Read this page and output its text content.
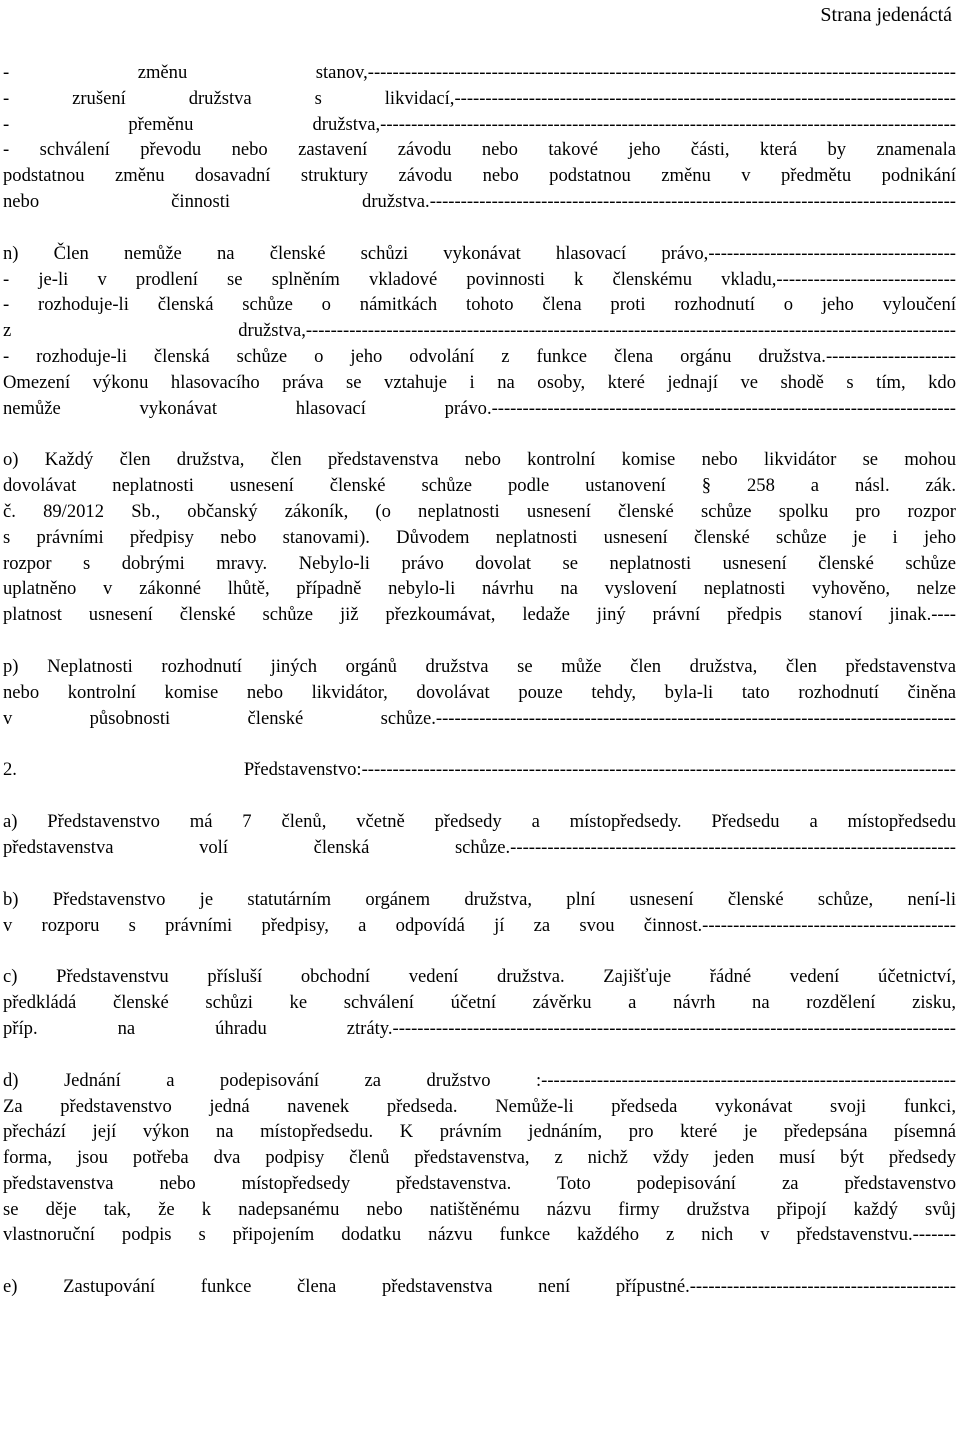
Strana jedenáctá
- změnu stanov,-----------------------------------------------------------------------------------------------
- zrušení družstva s likvidací,---------------------------------------------------------------------------------
- přeměnu družstva,---------------------------------------------------------------------------------------------
- schválení převodu nebo zastavení závodu nebo takové jeho části, která by znamenala
podstatnou změnu dosavadní struktury závodu nebo podstatnou změnu v předmětu podnikání
nebo činnosti družstva.-------------------------------------------------------------------------------------
n) Člen nemůže na členské schůzi vykonávat hlasovací právo,----------------------------------------
- je-li v prodlení se splněním vkladové povinnosti k členskému vkladu,-----------------------------
- rozhoduje-li členská schůze o námitkách tohoto člena proti rozhodnutí o jeho vyloučení
z družstva,---------------------------------------------------------------------------------------------------------
- rozhoduje-li členská schůze o jeho odvolání z funkce člena orgánu družstva.---------------------
Omezení výkonu hlasovacího práva se vztahuje i na osoby, které jednají ve shodě s tím, kdo
nemůže vykonávat hlasovací právo.---------------------------------------------------------------------------
o) Každý člen družstva, člen představenstva nebo kontrolní komise nebo likvidátor se mohou
dovolávat neplatnosti usnesení členské schůze podle ustanovení § 258 a násl. zák.
č. 89/2012 Sb., občanský zákoník, (o neplatnosti usnesení členské schůze spolku pro rozpor
s právními předpisy nebo stanovami). Důvodem neplatnosti usnesení členské schůze je i jeho
rozpor s dobrými mravy. Nebylo-li právo dovolat se neplatnosti usnesení členské schůze
uplatněno v zákonné lhůtě, případně nebylo-li návrhu na vyslovení neplatnosti vyhověno, nelze
platnost usnesení členské schůze již přezkoumávat, ledaže jiný právní předpis stanoví jinak.----
p) Neplatnosti rozhodnutí jiných orgánů družstva se může člen družstva, člen představenstva
nebo kontrolní komise nebo likvidátor, dovolávat pouze tehdy, byla-li tato rozhodnutí činěna
v působnosti členské schůze.------------------------------------------------------------------------------------
2. Představenstvo:------------------------------------------------------------------------------------------------
a) Představenstvo má 7 členů, včetně předsedy a místopředsedy. Předsedu a místopředsedu
představenstva volí členská schůze.------------------------------------------------------------------------
b) Představenstvo je statutárním orgánem družstva, plní usnesení členské schůze, není-li
v rozporu s právními předpisy, a odpovídá jí za svou činnost.-----------------------------------------
c) Představenstvu přísluší obchodní vedení družstva. Zajišťuje řádné vedení účetnictví,
předkládá členské schůzi ke schválení účetní závěrku a návrh na rozdělení zisku,
příp. na úhradu ztráty.-------------------------------------------------------------------------------------------
d) Jednání a podepisování za družstvo :-------------------------------------------------------------------
Za představenstvo jedná navenek předseda. Nemůže-li předseda vykonávat svoji funkci,
přechází její výkon na místopředsedu. K právním jednáním, pro které je předepsána písemná
forma, jsou potřeba dva podpisy členů představenstva, z nichž vždy jeden musí být předsedy
představenstva nebo místopředsedy představenstva. Toto podepisování za představenstvo
se děje tak, že k nadepsanému nebo natištěnému názvu firmy družstva připojí každý svůj
vlastnoruční podpis s připojením dodatku názvu funkce každého z nich v představenstvu.-------
e) Zastupování funkce člena představenstva není přípustné.-------------------------------------------
